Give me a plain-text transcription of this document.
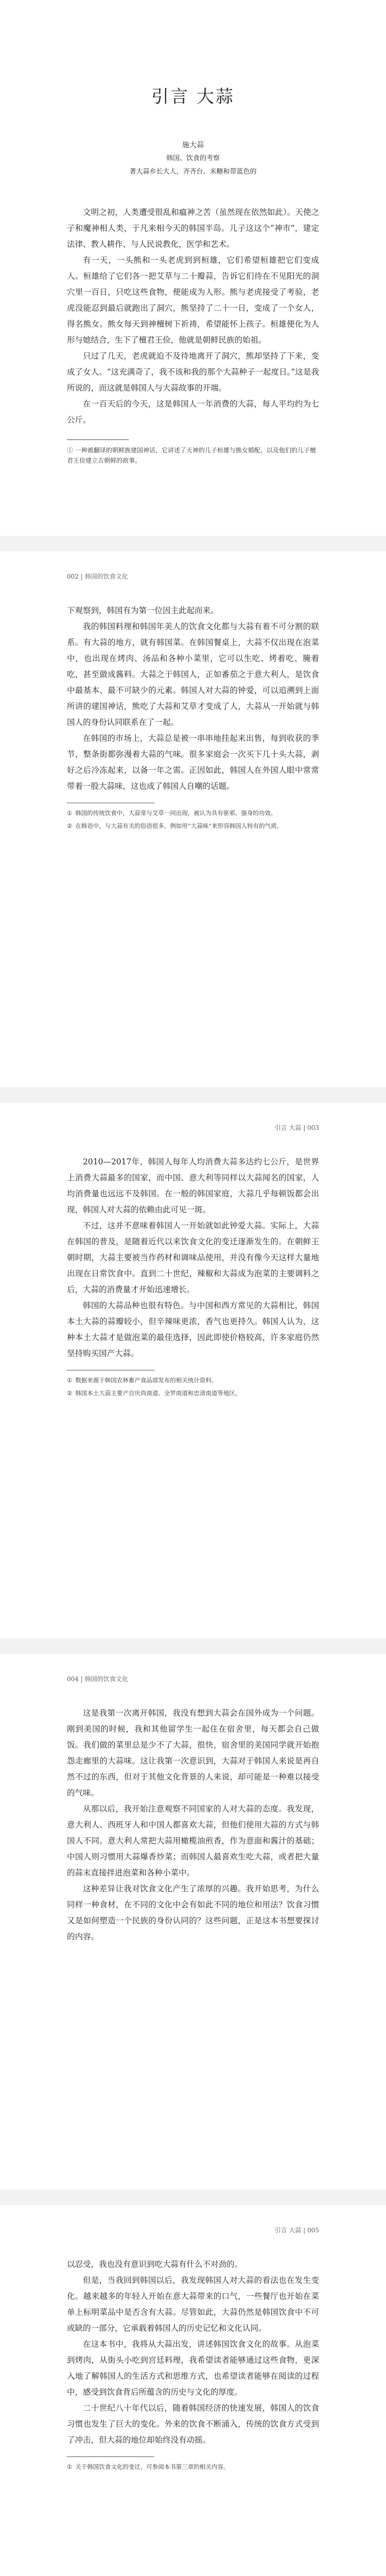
引言 大蒜
施大蒜
韩国、饮食的考察
著大蒜乡长大人，齐齐台、米糖和带蓝色的

文明之初，人类遭受很乱和瘟神之苦（虽然现在依然如此）。天使之子和魔神相人类，于凡来相今天的韩国半岛。儿子这这个“神市”，建定法律、教人耕作、与人民说教化，医学和艺术。

有一天，一头熊和一头老虎到到桓雄，它们希望桓雄把它们变成人。桓雄给了它们各一把艾草与二十瓣蒜，告诉它们待在不见阳光的洞穴里一百日，只吃这些食物，便能成为人形。熊与老虎接受了考验，老虎没能忍到最后就跑出了洞穴，熊坚持了二十一日，变成了一个女人，得名熊女。熊女每天到神檀树下祈祷，希望能怀上孩子。桓雄便化为人形与她结合，生下了檀君王俭，他就是朝鲜民族的始祖。

只过了几天，老虎就迫不及待地离开了洞穴，熊却坚持了下来，变成了女人。“这充满奇了，我不该和我的那个大蒜种子一起度日。”这是我所说的，而这就是韩国人与大蒜故事的开端。

在一百天后的今天，这是韩国人一年消费的大蒜，每人平均约为七公斤。

① 一种被翻译的朝鲜族建国神话，它讲述了天神的儿子桓雄与熊女婚配，以及他们的儿子檀君王俭建立古朝鲜的故事。
002 | 韩国的饮食文化

下观察到，韩国有为第一位因主此起而来。

我的韩国料理和韩国年美人的饮食文化都与大蒜有着不可分割的联系。有大蒜的地方，就有韩国菜。在韩国餐桌上，大蒜不仅出现在泡菜中，也出现在烤肉、汤品和各种小菜里，它可以生吃、烤着吃、腌着吃，甚至做成酱料。大蒜之于韩国人，正如番茄之于意大利人，是饮食中最基本、最不可缺少的元素。韩国人对大蒜的钟爱，可以追溯到上面所讲的建国神话，熊吃了大蒜和艾草才变成了人，大蒜从一开始就与韩国人的身份认同联系在了一起。

在韩国的市场上，大蒜总是被一串串地挂起来出售，每到收获的季节，整条街都弥漫着大蒜的气味。很多家庭会一次买下几十头大蒜，剥好之后冷冻起来，以备一年之需。正因如此，韩国人在外国人眼中常常带着一股大蒜味，这也成了韩国人自嘲的话题。

① 韩国的传统饮食中，大蒜常与艾草一同出现，被认为具有驱邪、强身的功效。
② 在韩语中，与大蒜有关的俗语很多，例如用“大蒜味”来形容韩国人特有的气质。
引言 大蒜 | 003

2010—2017年，韩国人每年人均消费大蒜多达约七公斤，是世界上消费大蒜最多的国家，而中国、意大利等同样以大蒜闻名的国家，人均消费量也远远不及韩国。在一般的韩国家庭，大蒜几乎每顿饭都会出现，韩国人对大蒜的依赖由此可见一斑。

不过，这并不意味着韩国人一开始就如此钟爱大蒜。实际上，大蒜在韩国的普及，是随着近代以来饮食文化的变迁逐渐发生的。在朝鲜王朝时期，大蒜主要被当作药材和调味品使用，并没有像今天这样大量地出现在日常饮食中。直到二十世纪，辣椒和大蒜成为泡菜的主要调料之后，大蒜的消费量才开始迅速增长。

韩国的大蒜品种也很有特色。与中国和西方常见的大蒜相比，韩国本土大蒜的蒜瓣较小，但辛辣味更浓，香气也更持久。韩国人认为，这种本土大蒜才是做泡菜的最佳选择，因此即使价格较高，许多家庭仍然坚持购买国产大蒜。

① 数据来源于韩国农林畜产食品部发布的相关统计资料。
② 韩国本土大蒜主要产自庆尚南道、全罗南道和忠清南道等地区。
004 | 韩国的饮食文化

这是我第一次离开韩国，我没有想到大蒜会在国外成为一个问题。刚到美国的时候，我和其他留学生一起住在宿舍里，每天都会自己做饭。我们做的菜里总是少不了大蒜，很快，宿舍里的美国同学就开始抱怨走廊里的大蒜味。这让我第一次意识到，大蒜对于韩国人来说是再自然不过的东西，但对于其他文化背景的人来说，却可能是一种难以接受的气味。

从那以后，我开始注意观察不同国家的人对大蒜的态度。我发现，意大利人、西班牙人和中国人都喜欢大蒜，但他们使用大蒜的方式与韩国人不同。意大利人常把大蒜用橄榄油煎香，作为意面和酱汁的基础；中国人则习惯用大蒜爆香炒菜；而韩国人最喜欢生吃大蒜，或者把大量的蒜末直接拌进泡菜和各种小菜中。

这种差异让我对饮食文化产生了浓厚的兴趣。我开始思考，为什么同样一种食材，在不同的文化中会有如此不同的地位和用法？饮食习惯又是如何塑造一个民族的身份认同的？这些问题，正是这本书想要探讨的内容。

引言 大蒜 | 005

以忍受，我也没有意识到吃大蒜有什么不对劲的。

但是，当我回到韩国以后，我发现韩国人对大蒜的看法也在发生变化。越来越多的年轻人开始在意大蒜带来的口气，一些餐厅也开始在菜单上标明菜品中是否含有大蒜。尽管如此，大蒜仍然是韩国饮食中不可或缺的一部分，它承载着韩国人的历史记忆和文化认同。

在这本书中，我将从大蒜出发，讲述韩国饮食文化的故事。从泡菜到烤肉，从街头小吃到宫廷料理，我希望读者能够通过这些食物，更深入地了解韩国人的生活方式和思维方式，也希望读者能够在阅读的过程中，感受到饮食背后所蕴含的历史与文化的厚度。

二十世纪八十年代以后，随着韩国经济的快速发展，韩国人的饮食习惯也发生了巨大的变化。外来的饮食不断涌入，传统的饮食方式受到了冲击，但大蒜的地位却始终没有动摇。

① 关于韩国饮食文化的变迁，可参阅本书第三章的相关内容。
